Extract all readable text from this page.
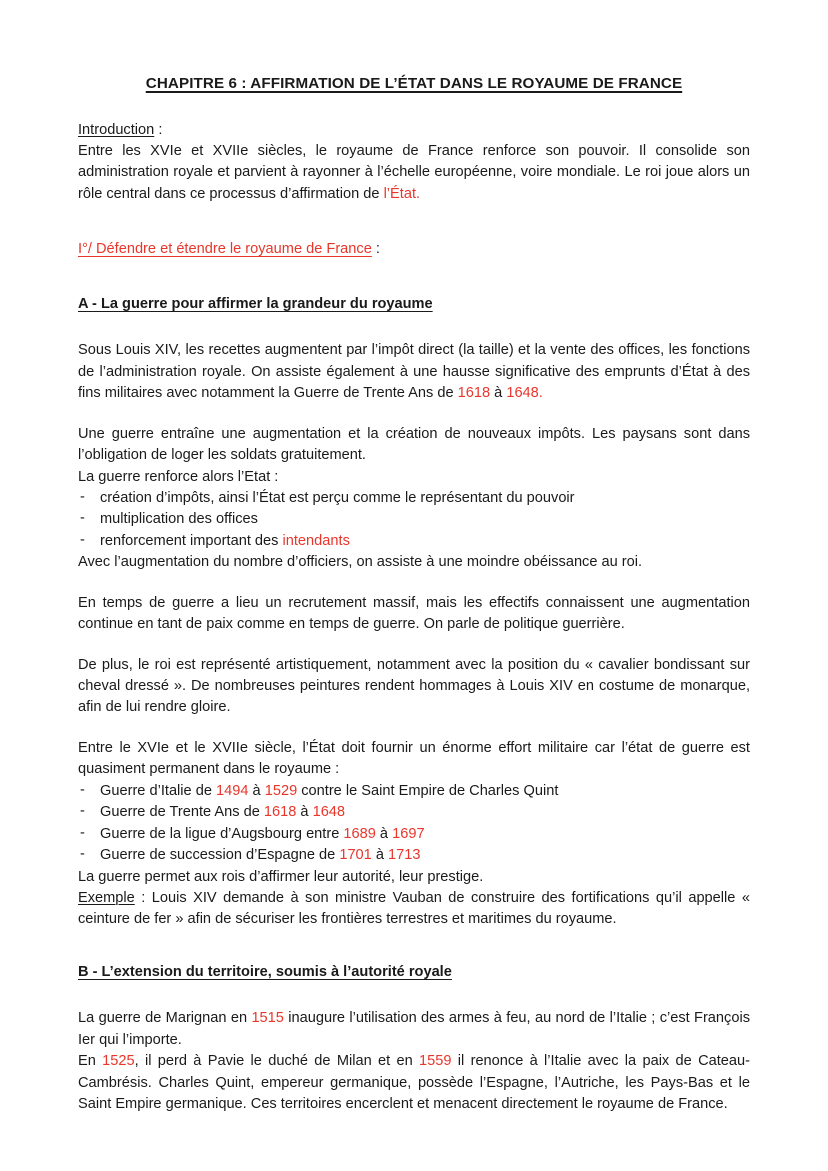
CHAPITRE 6 : AFFIRMATION DE L’ÉTAT DANS LE ROYAUME DE FRANCE

Introduction :

Entre les XVIe et XVIIe siècles, le royaume de France renforce son pouvoir. Il consolide son administration royale et parvient à rayonner à l’échelle européenne, voire mondiale. Le roi joue alors un rôle central dans ce processus d’affirmation de l’État.

I°/ Défendre et étendre le royaume de France :

A - La guerre pour affirmer la grandeur du royaume

Sous Louis XIV, les recettes augmentent par l’impôt direct (la taille) et la vente des offices, les fonctions de l’administration royale. On assiste également à une hausse significative des emprunts d’État à des fins militaires avec notamment la Guerre de Trente Ans de 1618 à 1648.

Une guerre entraîne une augmentation et la création de nouveaux impôts. Les paysans sont dans l’obligation de loger les soldats gratuitement.

La guerre renforce alors l’Etat :

- création d’impôts, ainsi l’État est perçu comme le représentant du pouvoir
- multiplication des offices
- renforcement important des intendants

Avec l’augmentation du nombre d’officiers, on assiste à une moindre obéissance au roi.

En temps de guerre a lieu un recrutement massif, mais les effectifs connaissent une augmentation continue en tant de paix comme en temps de guerre. On parle de politique guerrière.

De plus, le roi est représenté artistiquement, notamment avec la position du « cavalier bondissant sur cheval dressé ». De nombreuses peintures rendent hommages à Louis XIV en costume de monarque, afin de lui rendre gloire.

Entre le XVIe et le XVIIe siècle, l’État doit fournir un énorme effort militaire car l’état de guerre est quasiment permanent dans le royaume :

- Guerre d’Italie de 1494 à 1529 contre le Saint Empire de Charles Quint
- Guerre de Trente Ans de 1618 à 1648
- Guerre de la ligue d’Augsbourg entre 1689 à 1697
- Guerre de succession d’Espagne de 1701 à 1713

La guerre permet aux rois d’affirmer leur autorité, leur prestige.

Exemple : Louis XIV demande à son ministre Vauban de construire des fortifications qu’il appelle « ceinture de fer » afin de sécuriser les frontières terrestres et maritimes du royaume.

B - L’extension du territoire, soumis à l’autorité royale

La guerre de Marignan en 1515 inaugure l’utilisation des armes à feu, au nord de l’Italie ; c’est François Ier qui l’importe.

En 1525, il perd à Pavie le duché de Milan et en 1559 il renonce à l’Italie avec la paix de Cateau-Cambrésis. Charles Quint, empereur germanique, possède l’Espagne, l’Autriche, les Pays-Bas et le Saint Empire germanique. Ces territoires encerclent et menacent directement le royaume de France.
